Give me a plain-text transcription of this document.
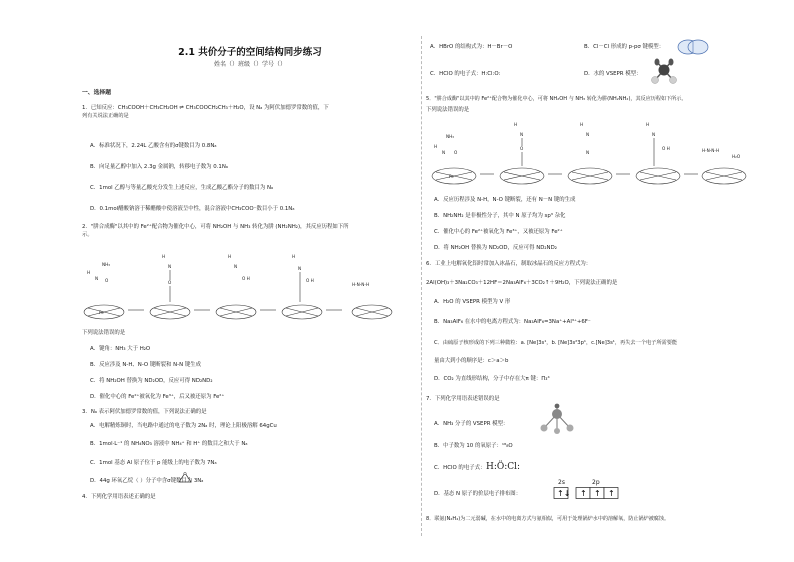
2.1 共价分子的空间结构同步练习
姓名（）班级（）学号（）
一、选择题
1．已知反应：CH₃COOH＋CH₃CH₂OH ⇌ CH₃COOCH₂CH₃＋H₂O，设 Nₐ 为阿伏加德罗常数的值，下
列有关说法正确的是
A．标准状况下，2.24L 乙酸含有的σ键数目为 0.8Nₐ
B．向足量乙醇中加入 2.3g 金属钠，转移电子数为 0.1Nₐ
C．1mol 乙醇与等量乙酸充分发生上述反应，生成乙酸乙酯分子的数目为 Nₐ
D．0.1mol醋酸钠溶于稀醋酸中使溶液呈中性，混合溶液中CH₃COO⁻数目小于 0.1Nₐ
2．"肼合成酶"以其中的 Fe²⁺配合物为催化中心，可将 NH₂OH 与 NH₃ 转化为肼 (NH₂NH₂)，其反应历程如下所
示。
NH₃
H
N O
Fe
H
N
O
H
N
O H
H
N
O H
H-N-N-H
下列说法错误的是
A．键角：NH₃ 大于 H₂O
B．反应涉及 N-H、N-O 键断裂和 N-N 键生成
C．将 NH₂OH 替换为 ND₂OD，反应可得 ND₂ND₂
D．催化中心的 Fe²⁺被氧化为 Fe³⁺，后又被还原为 Fe²⁺
3．Nₐ 表示阿伏加德罗常数的值，下列说法正确的是
A．电解精炼铜时，当电路中通过的电子数为 2Nₐ 时，理论上阳极溶解 64gCu
B．1mol·L⁻¹ 的 NH₄NO₃ 溶液中 NH₄⁺ 和 H⁺ 的数目之和大于 Nₐ
C．1mol 基态 Al 原子位于 p 能级上的电子数为 7Nₐ
D．44g 环氧乙烷（ ）分子中含σ键数目为 3Nₐ
4．下列化学用语表述正确的是
A．HBrO 的结构式为：H－Br－O	B．Cl－Cl 形成的 p-pσ 键模型：
C．HClO 的电子式：H:Cl:O:	D．水的 VSEPR 模型：
5．"肼合成酶"以其中的 Fe²⁺配合物为催化中心，可将 NH₂OH 与 NH₃ 转化为肼(NH₂NH₂)，其反应历程如下所示。
下列说法错误的是
NH₃
H
N O
Fe
H
N
O
H
N
N
H
N
O H	H-N-N-H
H₂O
A．反应历程涉及 N-H，N-O 键断裂，还有 N－N 键的生成
B．NH₂NH₂ 是非极性分子，其中 N 原子均为 sp³ 杂化
C．催化中心的 Fe²⁺被氧化为 Fe³⁺，又被还原为 Fe²⁺
D．将 NH₂OH 替换为 ND₂OD，反应可得 ND₂ND₂
6．工业上电解氧化铝时常加入冰晶石，制取冰晶石的反应方程式为：
2Al(OH)₃＋3Na₂CO₃＋12HF＝2Na₃AlF₆＋3CO₂↑＋9H₂O，下列说法正确的是
A．H₂O 的 VSEPR 模型为 V 形
B．Na₃AlF₆ 在水中的电离方程式为：Na₃AlF₆=3Na⁺+Al³⁺+6F⁻
C．由硫原子核形成的下列三种微粒：a. [Ne]3s¹，b. [Ne]3s²3p¹，c.[Ne]3s¹，再失去一个电子所需要能
量由大到小的顺序是：c＞a＞b
D．CO₂ 为直线形结构，分子中存在大π 键：Π₃⁴
7．下列化学用语表述错误的是
A．NH₃ 分子的 VSEPR 模型：
B．中子数为 10 的氧原子：¹⁸₈O
C．HClO 的电子式： H:Ö:Cl:
D．基态 N 原子的价层电子排布图：
2s	2p
↑↓ ↑ ↑ ↑
8．联氨(N₂H₄)为二元弱碱，在水中的电离方式与氨相似，可用于处理锅炉水中的溶解氧，防止锅炉被腐蚀。
